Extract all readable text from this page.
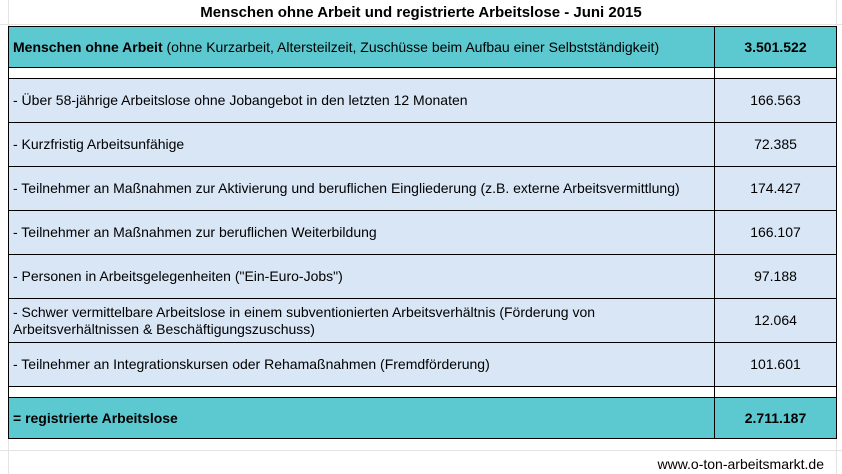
Menschen ohne Arbeit und registrierte Arbeitslose - Juni 2015
Menschen ohne Arbeit (ohne Kurzarbeit, Altersteilzeit, Zuschüsse beim Aufbau einer Selbstständigkeit)	3.501.522

- Über 58-jährige Arbeitslose ohne Jobangebot in den letzten 12 Monaten	166.563
- Kurzfristig Arbeitsunfähige	72.385
- Teilnehmer an Maßnahmen zur Aktivierung und beruflichen Eingliederung (z.B. externe Arbeitsvermittlung)	174.427
- Teilnehmer an Maßnahmen zur beruflichen Weiterbildung	166.107
- Personen in Arbeitsgelegenheiten ("Ein-Euro-Jobs")	97.188
- Schwer vermittelbare Arbeitslose in einem subventionierten Arbeitsverhältnis (Förderung von Arbeitsverhältnissen & Beschäftigungszuschuss)	12.064
- Teilnehmer an Integrationskursen oder Rehamaßnahmen (Fremdförderung)	101.601

= registrierte Arbeitslose	2.711.187
www.o-ton-arbeitsmarkt.de
